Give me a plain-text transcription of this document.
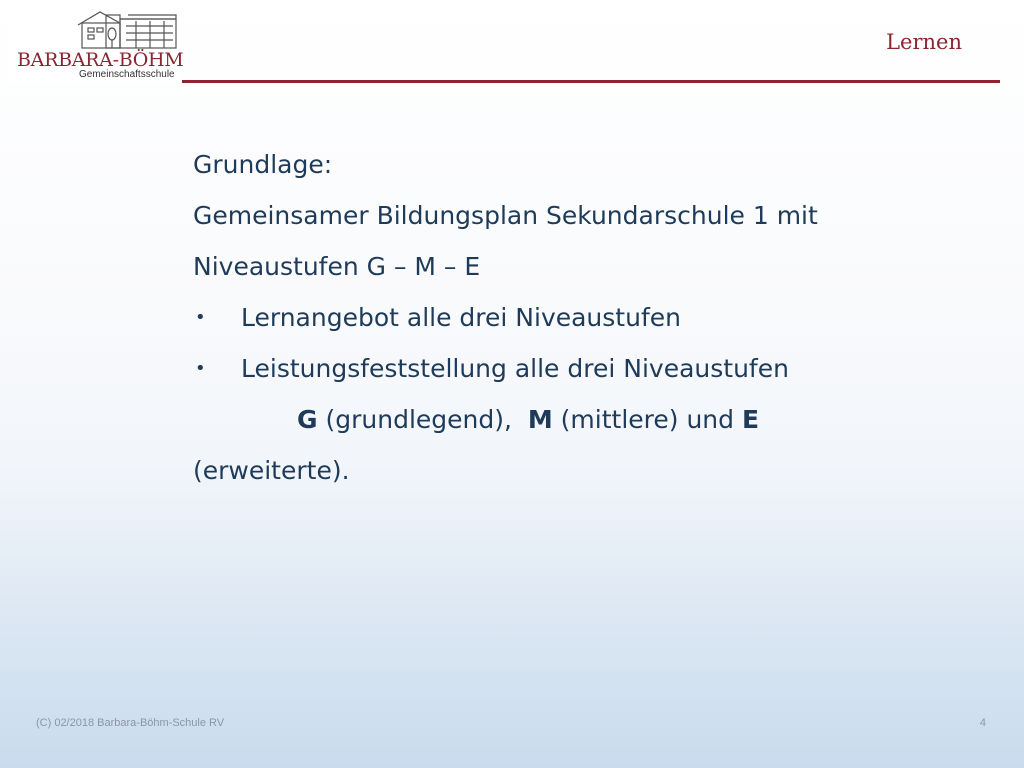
BARBARA-BÖHM
Gemeinschaftsschule
Lernen
Grundlage:
Gemeinsamer Bildungsplan Sekundarschule 1 mit
Niveaustufen G – M – E
• Lernangebot alle drei Niveaustufen
• Leistungsfeststellung alle drei Niveaustufen
G (grundlegend),  M (mittlere) und E
(erweiterte).
(C) 02/2018 Barbara-Böhm-Schule RV	4
